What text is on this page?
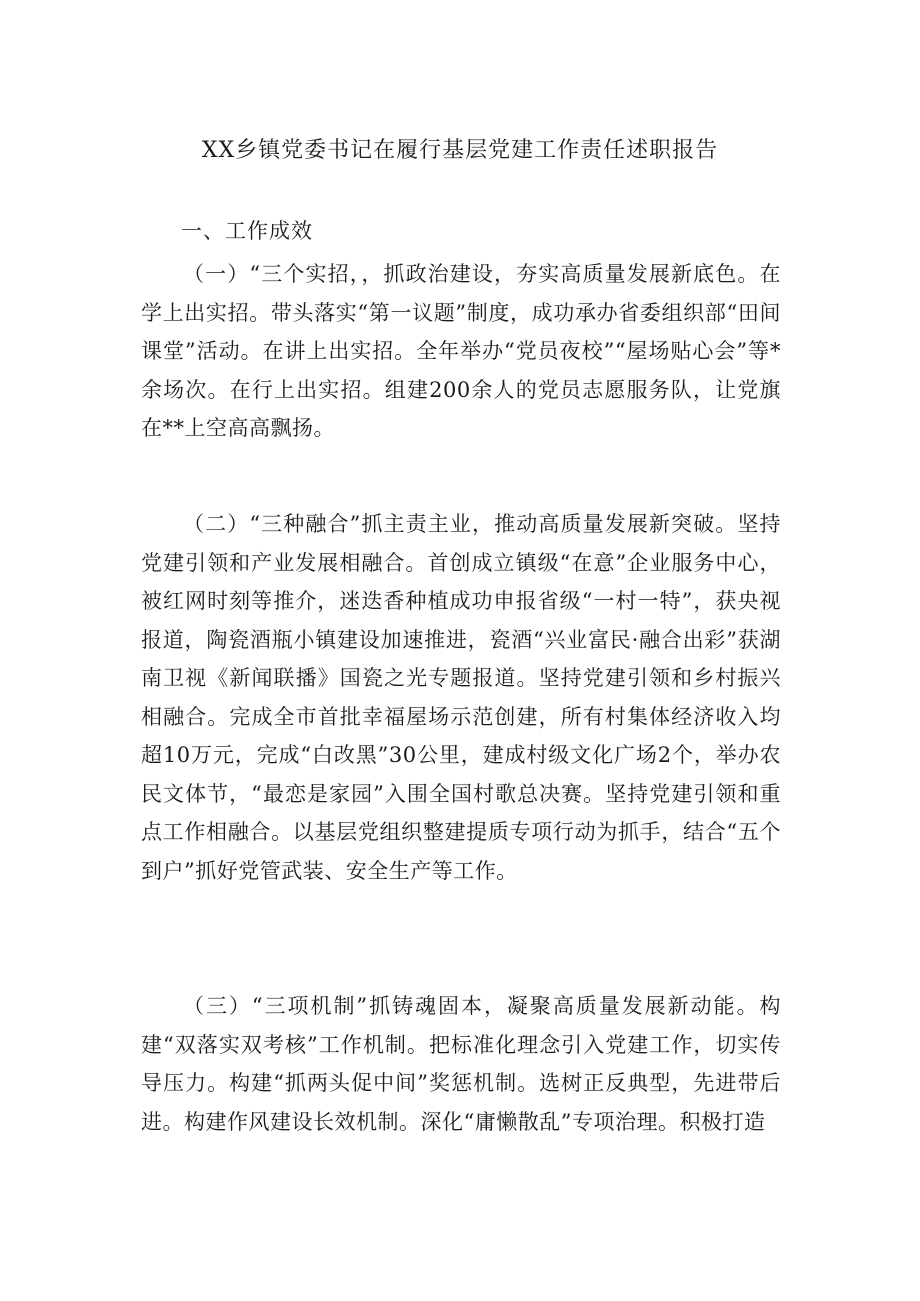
XX乡镇党委书记在履行基层党建工作责任述职报告

一、工作成效

（一）“三个实招，，抓政治建设，夯实高质量发展新底色。在学上出实招。带头落实“第一议题”制度，成功承办省委组织部“田间课堂”活动。在讲上出实招。全年举办“党员夜校”“屋场贴心会”等*余场次。在行上出实招。组建200余人的党员志愿服务队，让党旗在**上空高高飘扬。

（二）“三种融合”抓主责主业，推动高质量发展新突破。坚持党建引领和产业发展相融合。首创成立镇级“在意”企业服务中心，被红网时刻等推介，迷迭香种植成功申报省级“一村一特”，获央视报道，陶瓷酒瓶小镇建设加速推进，瓷酒“兴业富民·融合出彩”获湖南卫视《新闻联播》国瓷之光专题报道。坚持党建引领和乡村振兴相融合。完成全市首批幸福屋场示范创建，所有村集体经济收入均超10万元，完成“白改黑”30公里，建成村级文化广场2个，举办农民文体节，“最恋是家园”入围全国村歌总决赛。坚持党建引领和重点工作相融合。以基层党组织整建提质专项行动为抓手，结合“五个到户”抓好党管武装、安全生产等工作。

（三）“三项机制”抓铸魂固本，凝聚高质量发展新动能。构建“双落实双考核”工作机制。把标准化理念引入党建工作，切实传导压力。构建“抓两头促中间”奖惩机制。选树正反典型，先进带后进。构建作风建设长效机制。深化“庸懒散乱”专项治理。积极打造
